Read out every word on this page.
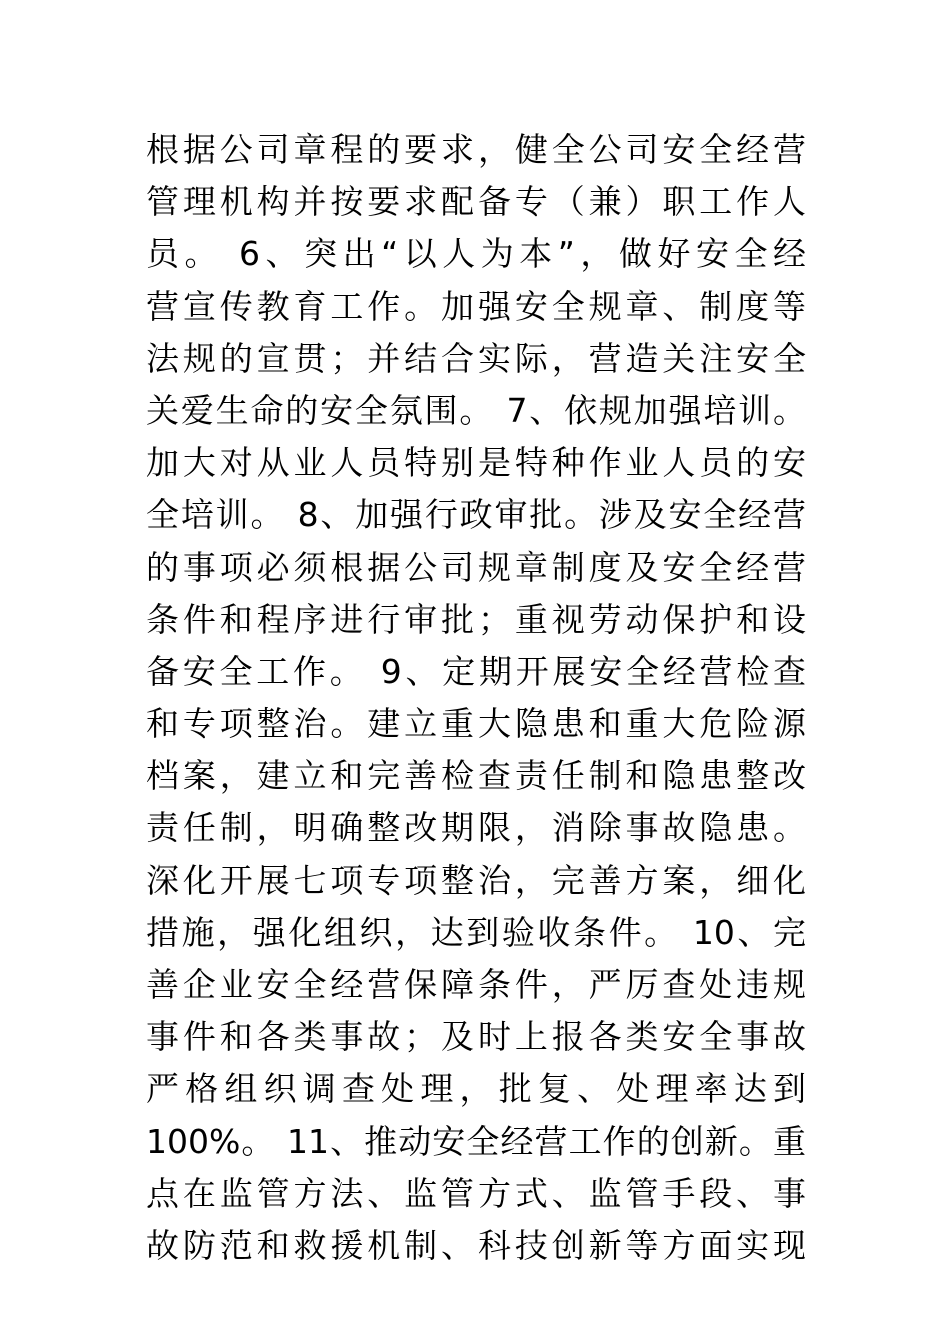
根据公司章程的要求，健全公司安全经营
管理机构并按要求配备专（兼）职工作人
员。 6、突出“以人为本”，做好安全经
营宣传教育工作。加强安全规章、制度等
法规的宣贯；并结合实际，营造关注安全
关爱生命的安全氛围。 7、依规加强培训。
加大对从业人员特别是特种作业人员的安
全培训。 8、加强行政审批。涉及安全经营
的事项必须根据公司规章制度及安全经营
条件和程序进行审批；重视劳动保护和设
备安全工作。 9、定期开展安全经营检查
和专项整治。建立重大隐患和重大危险源
档案，建立和完善检查责任制和隐患整改
责任制，明确整改期限，消除事故隐患。
深化开展七项专项整治，完善方案，细化
措施，强化组织，达到验收条件。 10、完
善企业安全经营保障条件，严厉查处违规
事件和各类事故；及时上报各类安全事故
严格组织调查处理，批复、处理率达到
100%。 11、推动安全经营工作的创新。重
点在监管方法、监管方式、监管手段、事
故防范和救援机制、科技创新等方面实现
